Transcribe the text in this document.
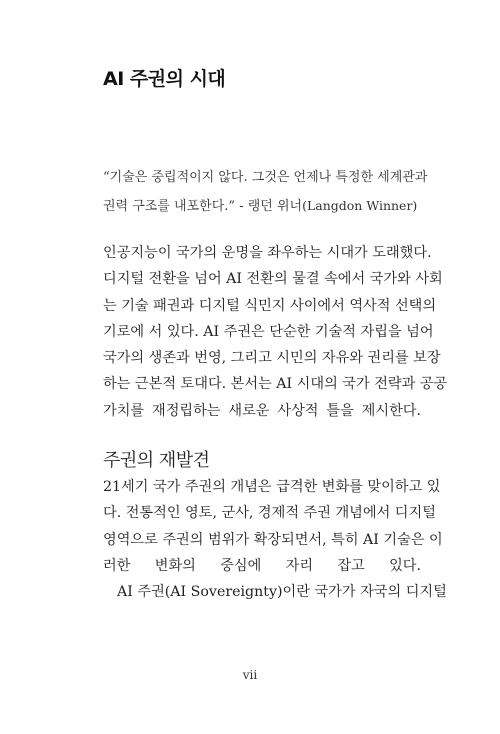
AI 주권의 시대
“기술은 중립적이지 않다. 그것은 언제나 특정한 세계관과
권력 구조를 내포한다.” - 랭던 위너(Langdon Winner)
인공지능이 국가의 운명을 좌우하는 시대가 도래했다.
디지털 전환을 넘어 AI 전환의 물결 속에서 국가와 사회
는 기술 패권과 디지털 식민지 사이에서 역사적 선택의
기로에 서 있다. AI 주권은 단순한 기술적 자립을 넘어
국가의 생존과 번영, 그리고 시민의 자유와 권리를 보장
하는 근본적 토대다. 본서는 AI 시대의 국가 전략과 공공
가치를 재정립하는 새로운 사상적 틀을 제시한다.
주권의 재발견
21세기 국가 주권의 개념은 급격한 변화를 맞이하고 있
다. 전통적인 영토, 군사, 경제적 주권 개념에서 디지털
영역으로 주권의 범위가 확장되면서, 특히 AI 기술은 이
러한 변화의 중심에 자리 잡고 있다.
AI 주권(AI Sovereignty)이란 국가가 자국의 디지털
vii
